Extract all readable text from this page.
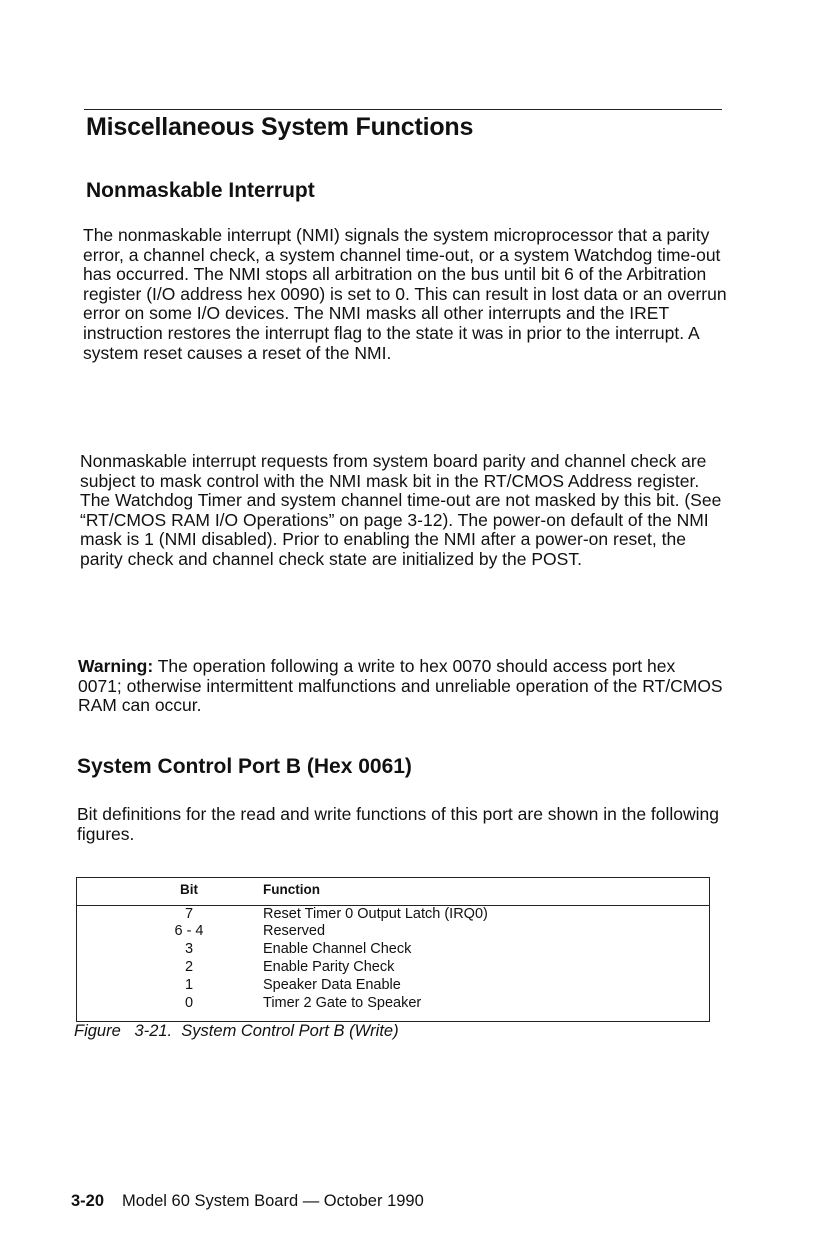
Miscellaneous System Functions
Nonmaskable Interrupt

The nonmaskable interrupt (NMI) signals the system microprocessor that a parity error, a channel check, a system channel time-out, or a system Watchdog time-out has occurred. The NMI stops all arbitration on the bus until bit 6 of the Arbitration register (I/O address hex 0090) is set to 0. This can result in lost data or an overrun error on some I/O devices. The NMI masks all other interrupts and the IRET instruction restores the interrupt flag to the state it was in prior to the interrupt. A system reset causes a reset of the NMI.

Nonmaskable interrupt requests from system board parity and channel check are subject to mask control with the NMI mask bit in the RT/CMOS Address register. The Watchdog Timer and system channel time-out are not masked by this bit. (See “RT/CMOS RAM I/O Operations” on page 3-12). The power-on default of the NMI mask is 1 (NMI disabled). Prior to enabling the NMI after a power-on reset, the parity check and channel check state are initialized by the POST.

Warning: The operation following a write to hex 0070 should access port hex 0071; otherwise intermittent malfunctions and unreliable operation of the RT/CMOS RAM can occur.

System Control Port B (Hex 0061)

Bit definitions for the read and write functions of this port are shown in the following figures.

Bit	Function
7	Reset Timer 0 Output Latch (IRQ0)
6 - 4	Reserved
3	Enable Channel Check
2	Enable Parity Check
1	Speaker Data Enable
0	Timer 2 Gate to Speaker

Figure   3-21.  System Control Port B (Write)

3-20 Model 60 System Board — October 1990
